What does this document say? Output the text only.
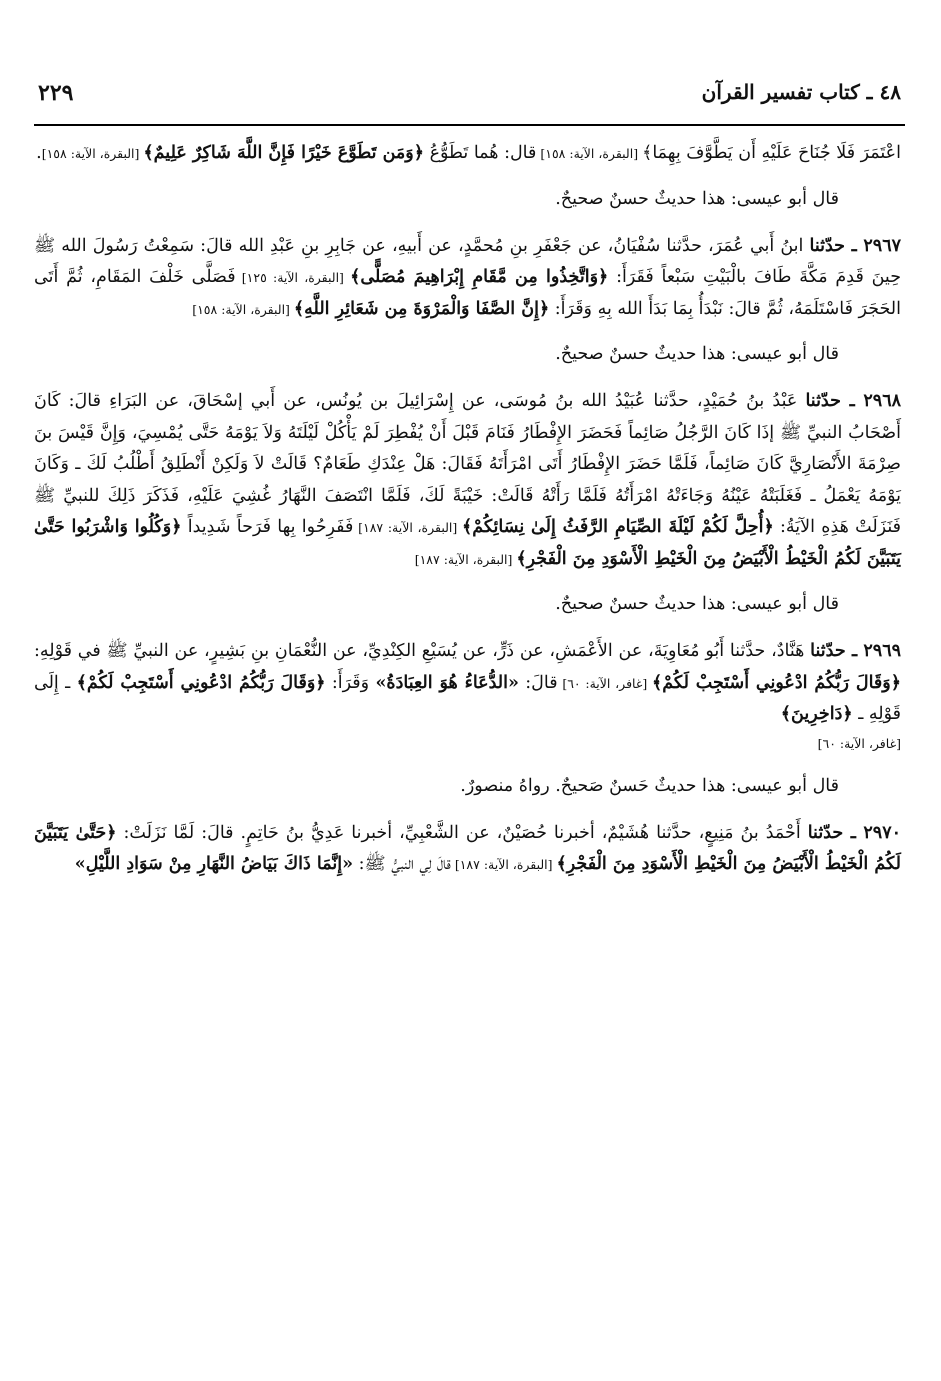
٤٨ ـ كتاب تفسير القرآن
٢٢٩

اعْتَمَرَ فَلَا جُنَاحَ عَلَيْهِ أَن يَطَّوَّفَ بِهِمَا﴾ [البقرة، الآية: ١٥٨] قال: هُما تَطَوُّعُ ﴿وَمَن تَطَوَّعَ خَيْرًا فَإِنَّ اللَّهَ شَاكِرٌ عَلِيمٌ﴾ [البقرة، الآية: ١٥٨].

قال أبو عيسى: هذا حديثٌ حسنٌ صحيحٌ.

٢٩٦٧ ـ حدّثنا ابنُ أَبي عُمَرَ، حدَّثنا سُفْيَانُ، عن جَعْفَرِ بنِ مُحمَّدٍ، عن أَبيهِ، عن جَابِرِ بنِ عَبْدِ الله قالَ: سَمِعْتُ رَسُولَ الله ﷺ حِينَ قَدِمَ مَكَّةَ طَافَ بالْبَيْتِ سَبْعاً فَقَرَأَ: ﴿وَاتَّخِذُوا مِن مَّقَامِ إِبْرَاهِيمَ مُصَلًّى﴾ [البقرة، الآية: ١٢٥] فَصَلَّى خَلْفَ المَقَامِ، ثُمَّ أَتَى الحَجَرَ فَاسْتَلَمَهُ، ثُمَّ قالَ: نَبْدَأُ بِمَا بَدَأَ الله بِهِ وَقَرَأَ: ﴿إِنَّ الصَّفَا وَالْمَرْوَةَ مِن شَعَائِرِ اللَّهِ﴾ [البقرة، الآية: ١٥٨]

قال أبو عيسى: هذا حديثٌ حسنٌ صحيحٌ.

٢٩٦٨ ـ حدّثنا عَبْدُ بنُ حُمَيْدٍ، حدَّثنا عُبَيْدُ الله بنُ مُوسَى، عن إِسْرَائِيلَ بن يُونُس، عن أَبي إسْحَاقَ، عن البَرَاءِ قالَ: كَانَ أَصْحَابُ النبيِّ ﷺ إذَا كَانَ الرَّجُلُ صَائِماً فَحَضَرَ الإِفْطَارُ فَنَامَ قَبْلَ أَنْ يُفْطِرَ لَمْ يَأْكُلْ لَيْلَتَهُ وَلاَ يَوْمَهُ حَتَّى يُمْسِيَ، وَإِنَّ قَيْسَ بنَ صِرْمَةَ الأَنْصَارِيَّ كَانَ صَائِماً، فَلَمَّا حَضَرَ الإِفْطَارُ أَتَى امْرَأَتَهُ فَقَالَ: هَلْ عِنْدَكِ طَعَامٌ؟ قَالَتْ لاَ وَلَكِنْ أَنْطَلِقُ أَطْلُبُ لَكَ ـ وَكَانَ يَوْمَهُ يَعْمَلُ ـ فَغَلَبَتْهُ عَيْنُهُ وَجَاءَتْهُ امْرَأَتُهُ فَلَمَّا رَأَتْهُ قَالَتْ: خَيْبَةً لَكَ، فَلَمَّا انْتَصَفَ النَّهَارُ غُشِيَ عَلَيْهِ، فَذَكَرَ ذَلِكَ للنبيِّ ﷺ فَنَزَلَتْ هَذِهِ الآيَةُ: ﴿أُحِلَّ لَكُمْ لَيْلَةَ الصِّيَامِ الرَّفَثُ إِلَىٰ نِسَائِكُمْ﴾ [البقرة، الآية: ١٨٧] فَفَرِحُوا بِها فَرَحاً شَدِيداً ﴿وَكُلُوا وَاشْرَبُوا حَتَّىٰ يَتَبَيَّنَ لَكُمُ الْخَيْطُ الْأَبْيَضُ مِنَ الْخَيْطِ الْأَسْوَدِ مِنَ الْفَجْرِ﴾ [البقرة، الآية: ١٨٧]

قال أبو عيسى: هذا حديثٌ حسنٌ صحيحٌ.

٢٩٦٩ ـ حدّثنا هَنَّادٌ، حدَّثنا أَبُو مُعَاوِيَةَ، عن الأَعْمَشِ، عن ذَرٍّ، عن يُسَيْعِ الكِنْدِيِّ، عن النُّعْمَانِ بنِ بَشِيرٍ، عن النبيِّ ﷺ في قَوْلِهِ: ﴿وَقَالَ رَبُّكُمُ ادْعُونِي أَسْتَجِبْ لَكُمْ﴾ [غافر، الآية: ٦٠] قالَ: «الدُّعَاءُ هُوَ العِبَادَةُ» وَقَرَأَ: ﴿وَقَالَ رَبُّكُمُ ادْعُونِي أَسْتَجِبْ لَكُمْ﴾ ـ إِلَى قَوْلِهِ ـ ﴿دَاخِرِينَ﴾

[غافر، الآية: ٦٠]

قال أبو عيسى: هذا حديثٌ حَسنٌ صَحيحٌ. رواهُ منصورٌ.

٢٩٧٠ ـ حدّثنا أَحْمَدُ بنُ مَنِيعٍ، حدَّثنا هُشَيْمٌ، أخبرنا حُصَيْنٌ، عن الشَّعْبِيِّ، أخبرنا عَدِيُّ بنُ حَاتِمٍ. قالَ: لَمَّا نَزَلَتْ: ﴿حَتَّىٰ يَتَبَيَّنَ لَكُمُ الْخَيْطُ الْأَبْيَضُ مِنَ الْخَيْطِ الْأَسْوَدِ مِنَ الْفَجْرِ﴾ [البقرة، الآية: ١٨٧] قالَ لِي النبيُّ ﷺ: «إِنَّمَا ذَاكَ بَيَاضُ النَّهَارِ مِنْ سَوَادِ اللَّيْلِ»
